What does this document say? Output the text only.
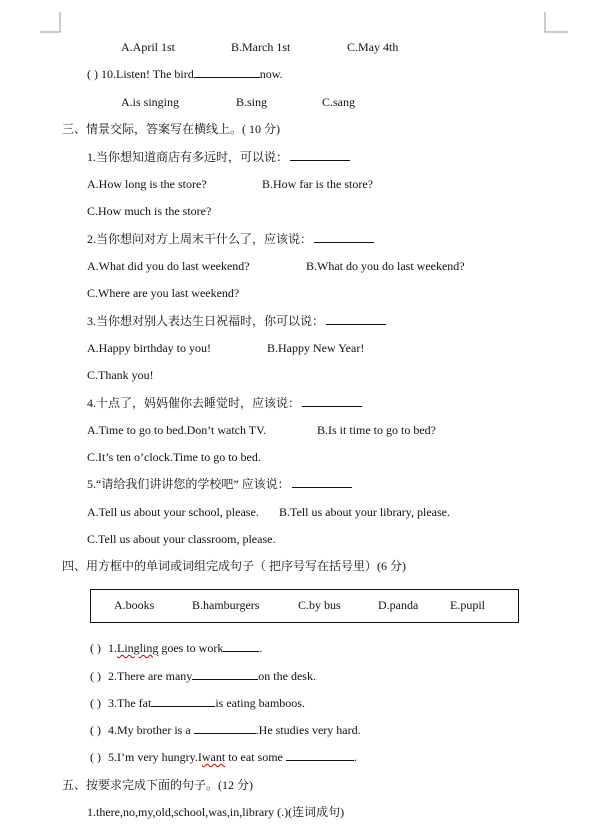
A.April 1st	B.March 1st	C.May 4th
( ) 10.Listen! The bird	now.
A.is singing	B.sing	C.sang
三、情景交际，答案写在横线上。( 10 分)
1.当你想知道商店有多远时，可以说：
A.How long is the store?	B.How far is the store?
C.How much is the store?
2.当你想问对方上周末干什么了，应该说：
A.What did you do last weekend?	B.What do you do last weekend?
C.Where are you last weekend?
3.当你想对别人表达生日祝福时，你可以说：
A.Happy birthday to you!	B.Happy New Year!
C.Thank you!
4.十点了，妈妈催你去睡觉时，应该说：
A.Time to go to bed.Don’t watch TV.	B.Is it time to go to bed?
C.It’s ten o’clock.Time to go to bed.
5.“请给我们讲讲您的学校吧” 应该说：
A.Tell us about your school, please. B.Tell us about your library, please.
C.Tell us about your classroom, please.
四、用方框中的单词或词组完成句子（ 把序号写在括号里）(6 分)
A.books	B.hamburgers	C.by bus	D.panda	E.pupil
( ) 1.Lingling goes to work	.
( ) 2.There are many	on the desk.
( ) 3.The fat	is eating bamboos.
( ) 4.My brother is a	.He studies very hard.
( ) 5.I’m very hungry.Iwant to eat some	.
五、按要求完成下面的句子。(12 分)
1.there,no,my,old,school,was,in,library (.)(连词成句)
